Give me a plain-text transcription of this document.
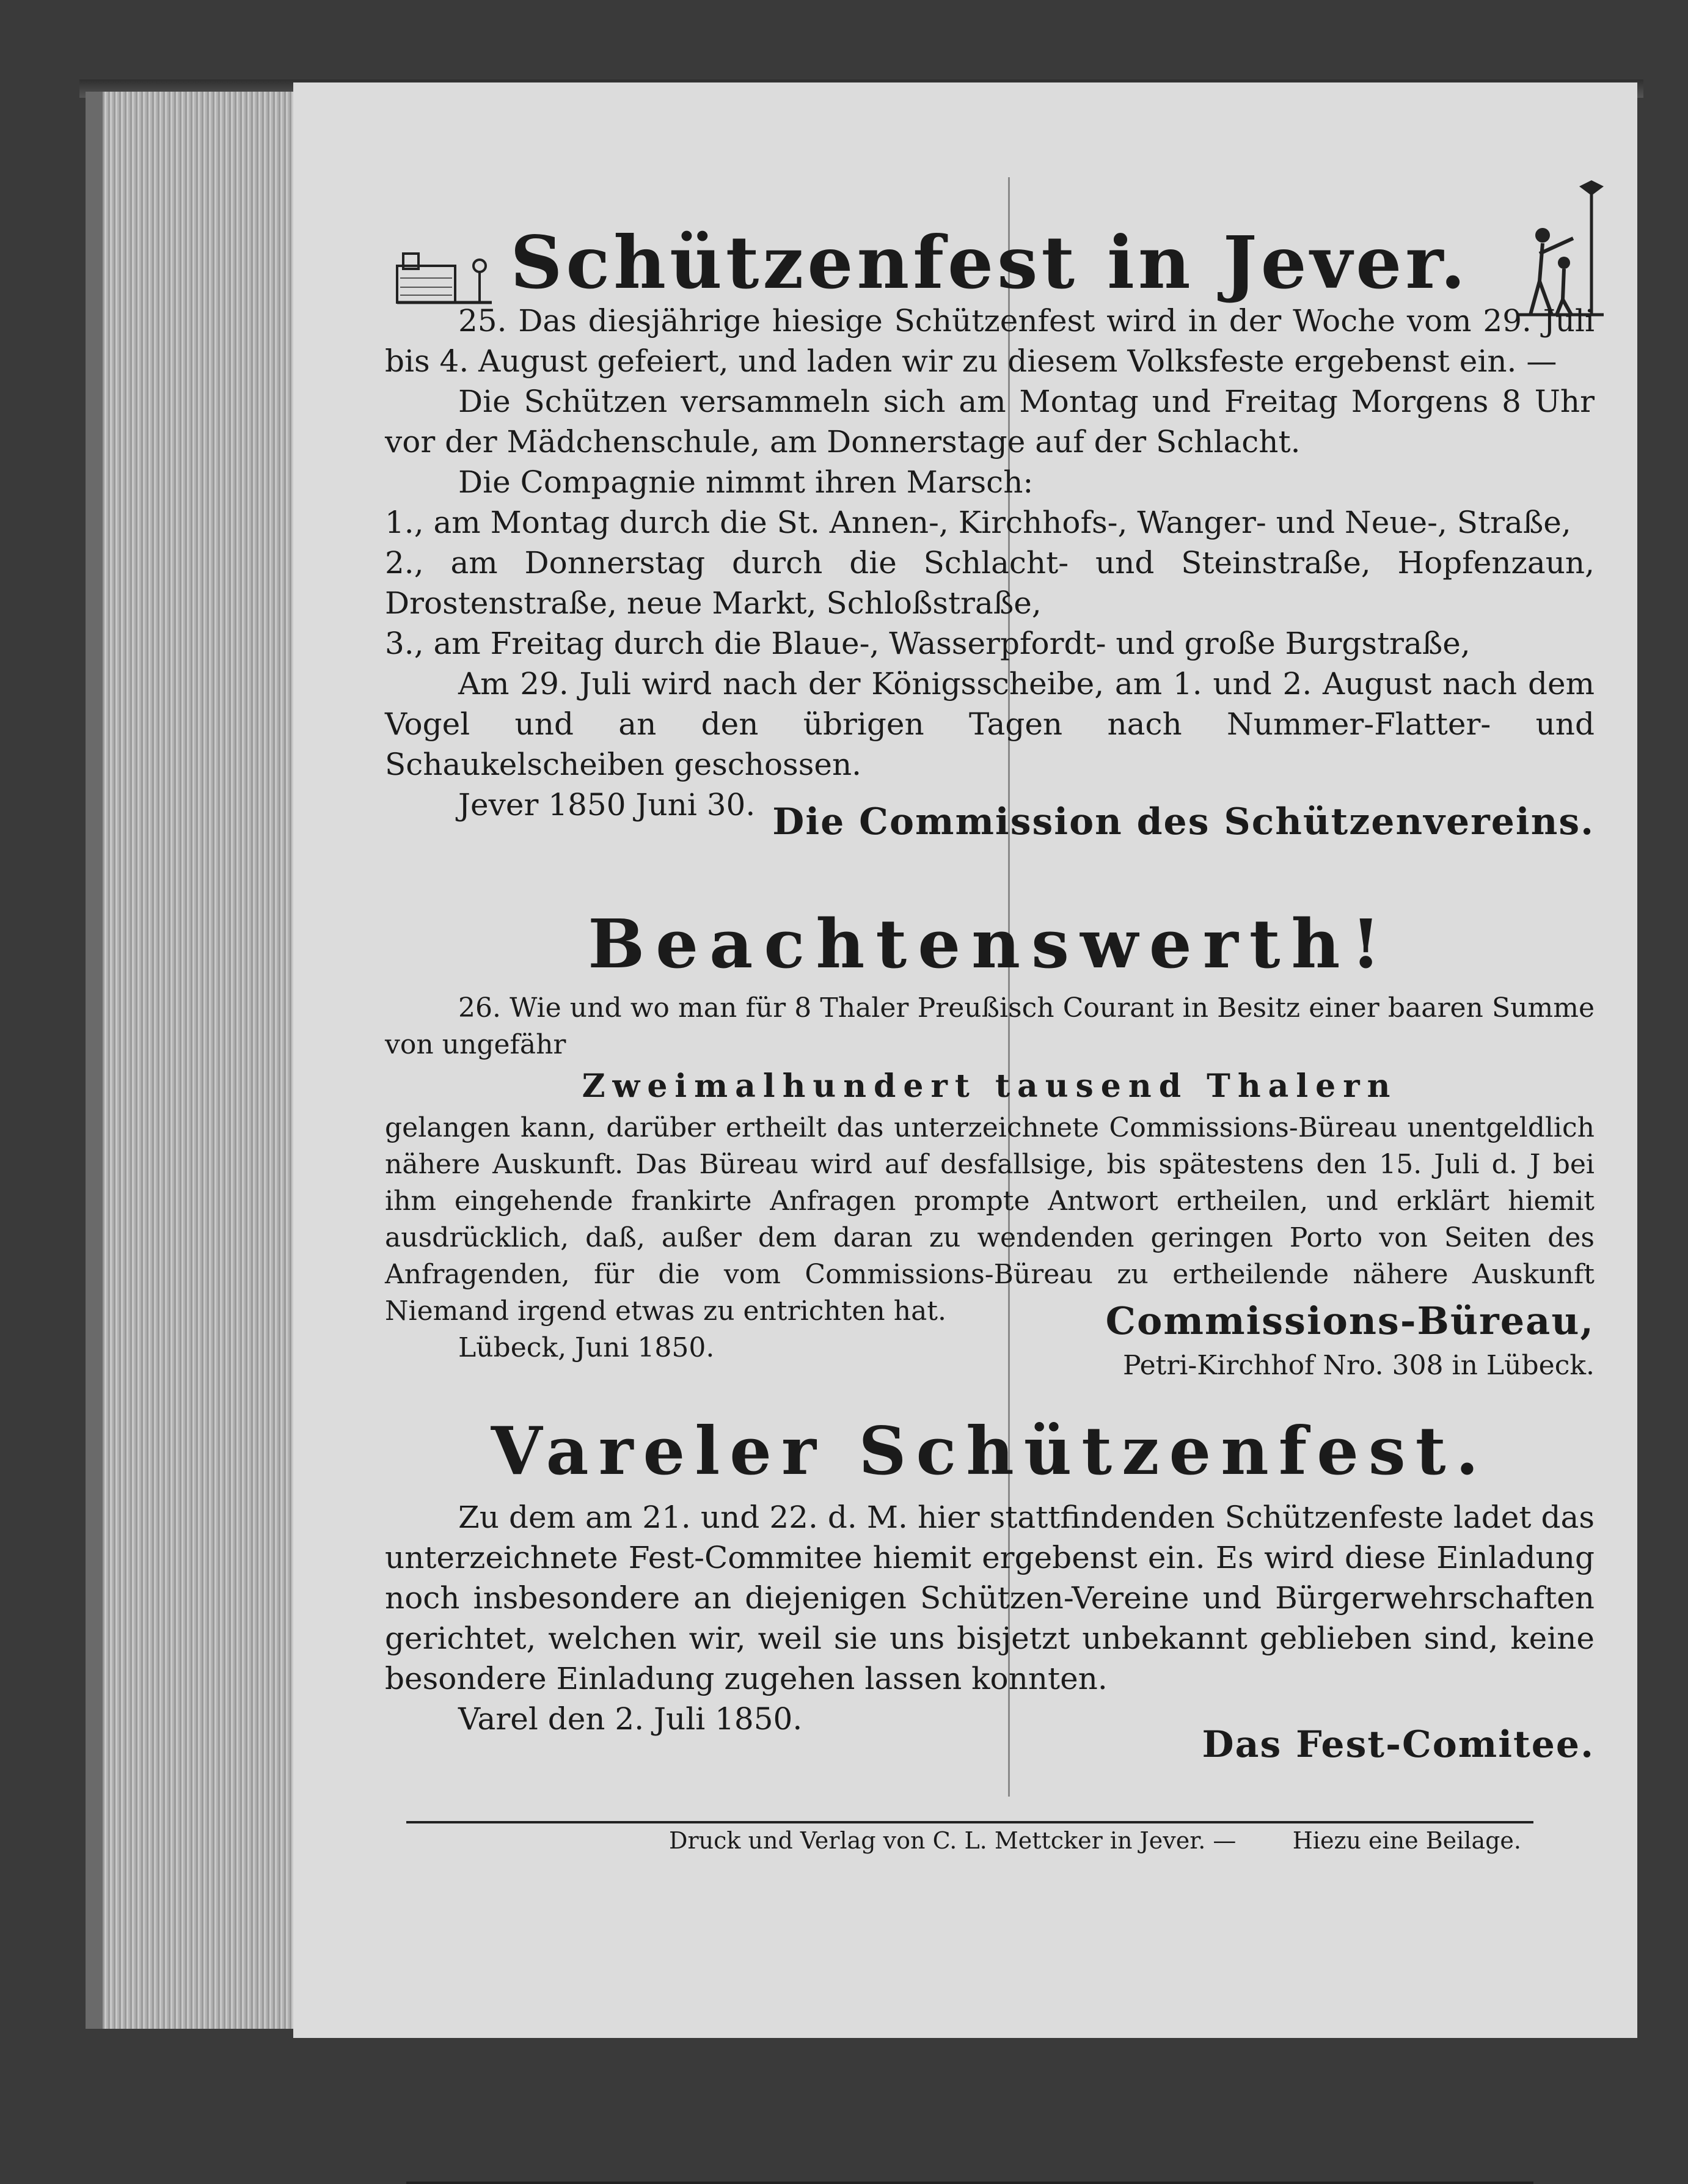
Schützenfest in Jever.

25. Das diesjährige hiesige Schützenfest wird in der Woche vom 29. Juli bis 4. August gefeiert, und laden wir zu diesem Volksfeste ergebenst ein. —

Die Schützen versammeln sich am Montag und Freitag Morgens 8 Uhr vor der Mädchenschule, am Donnerstage auf der Schlacht.

Die Compagnie nimmt ihren Marsch:

1., am Montag durch die St. Annen-, Kirchhofs-, Wanger- und Neue-, Straße,

2., am Donnerstag durch die Schlacht- und Steinstraße, Hopfenzaun, Drostenstraße, neue Markt, Schloßstraße,

3., am Freitag durch die Blaue-, Wasserpfordt- und große Burgstraße,

Am 29. Juli wird nach der Königsscheibe, am 1. und 2. August nach dem Vogel und an den übrigen Tagen nach Nummer-Flatter- und Schaukelscheiben geschossen.

Jever 1850 Juni 30. Die Commission des Schützenvereins.
Beachtenswerth!

26. Wie und wo man für 8 Thaler Preußisch Courant in Besitz einer baaren Summe von ungefähr

Zweimalhundert tausend Thalern

gelangen kann, darüber ertheilt das unterzeichnete Commissions-Büreau unentgeldlich nähere Auskunft. Das Büreau wird auf desfallsige, bis spätestens den 15. Juli d. J bei ihm eingehende frankirte Anfragen prompte Antwort ertheilen, und erklärt hiemit ausdrücklich, daß, außer dem daran zu wendenden geringen Porto von Seiten des Anfragenden, für die vom Commissions-Büreau zu ertheilende nähere Auskunft Niemand irgend etwas zu entrichten hat.

Lübeck, Juni 1850.

Commissions-Büreau,
Petri-Kirchhof Nro. 308 in Lübeck.
Vareler Schützenfest.

Zu dem am 21. und 22. d. M. hier stattfindenden Schützenfeste ladet das unterzeichnete Fest-Commitee hiemit ergebenst ein. Es wird diese Einladung noch insbesondere an diejenigen Schützen-Vereine und Bürgerwehrschaften gerichtet, welchen wir, weil sie uns bisjetzt unbekannt geblieben sind, keine besondere Einladung zugehen lassen konnten.

Varel den 2. Juli 1850.

Das Fest-Comitee.
Druck und Verlag von C. L. Mettcker in Jever. — Hiezu eine Beilage.
